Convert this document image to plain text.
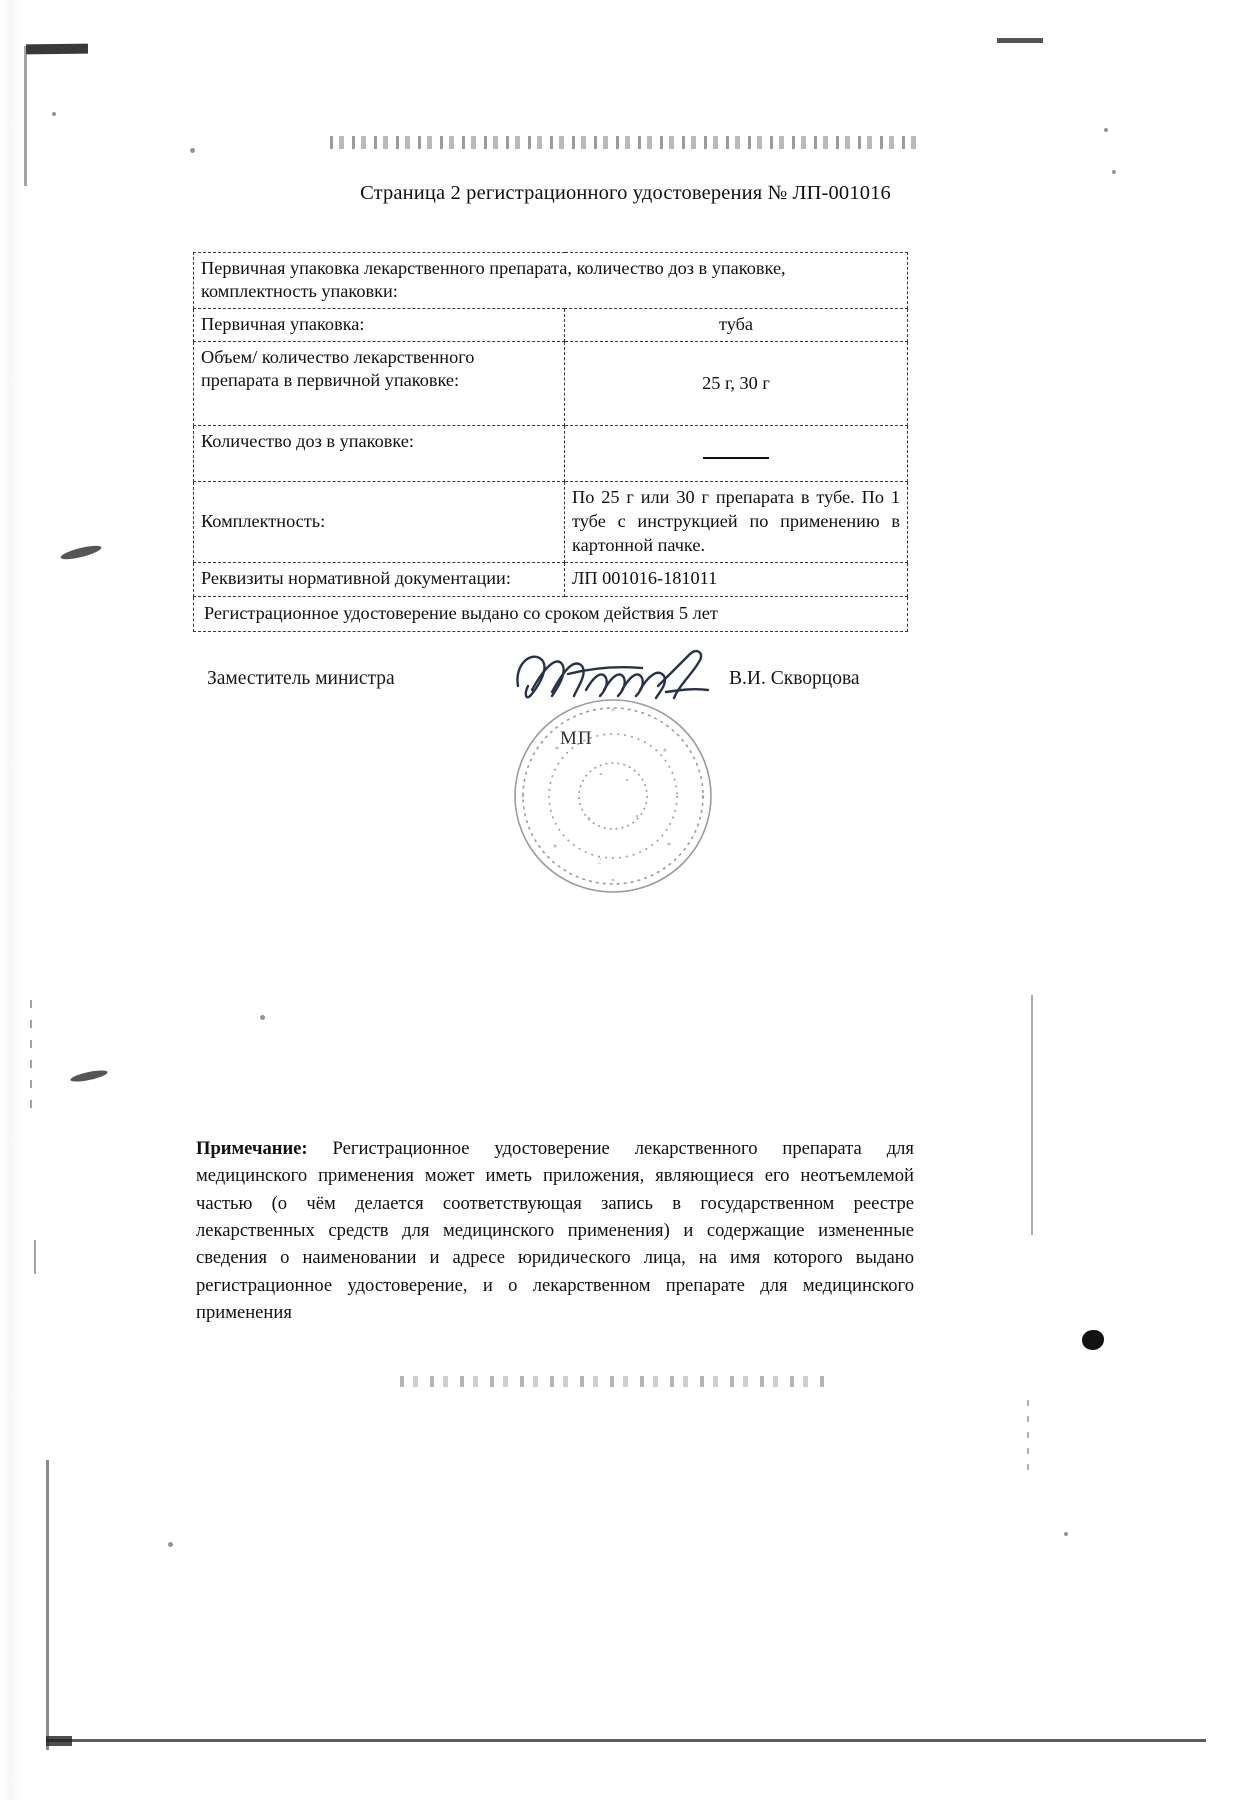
Страница 2 регистрационного удостоверения № ЛП-001016
Первичная упаковка лекарственного препарата, количество доз в упаковке, комплектность упаковки:	
Первичная упаковка:	туба
Объем/ количество лекарственного препарата в первичной упаковке:	25 г, 30 г
Количество доз в упаковке:	
Комплектность:	По 25 г или 30 г препарата в тубе. По 1 тубе с инструкцией по применению в картонной пачке.
Реквизиты нормативной документации:	ЛП 001016-181011
Регистрационное удостоверение выдано со сроком действия 5 лет	
Заместитель министра	В.И. Скворцова
2
МП
Примечание: Регистрационное удостоверение лекарственного препарата для медицинского применения может иметь приложения, являющиеся его неотъемлемой частью (о чём делается соответствующая запись в государственном реестре лекарственных средств для медицинского применения) и содержащие измененные сведения о наименовании и адресе юридического лица, на имя которого выдано регистрационное удостоверение, и о лекарственном препарате для медицинского применения
